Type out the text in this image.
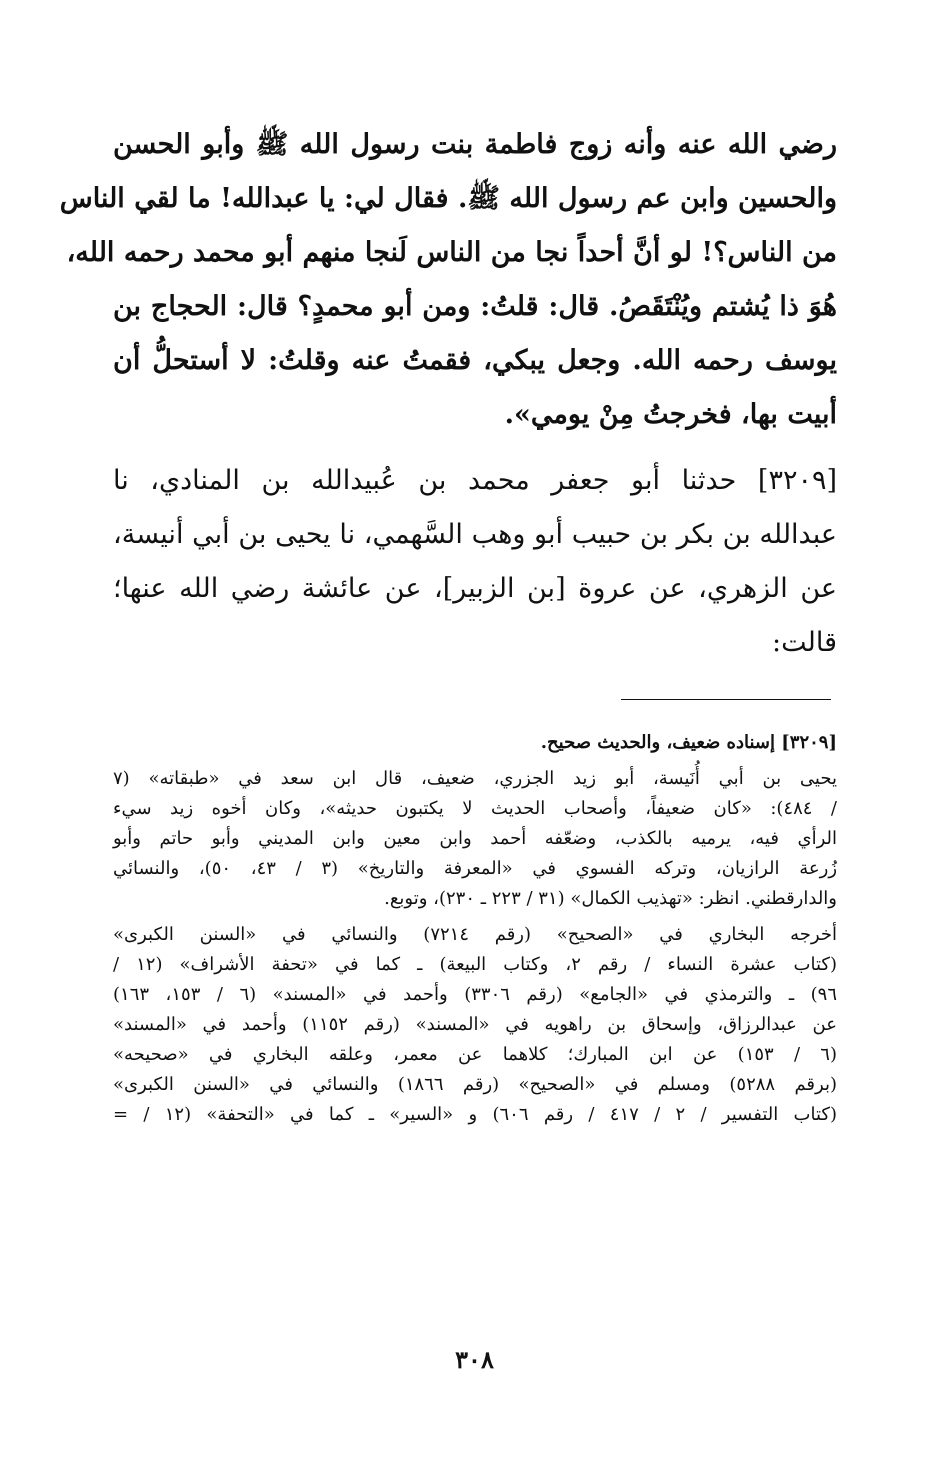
رضي الله عنه وأنه زوج فاطمة بنت رسول الله ﷺ وأبو الحسن
والحسين وابن عم رسول الله ﷺ. فقال لي: يا عبدالله! ما لقي الناس
من الناس؟! لو أنَّ أحداً نجا من الناس لَنجا منهم أبو محمد رحمه الله،
هُوَ ذا يُشتم ويُنْتَقَصُ. قال: قلتُ: ومن أبو محمدٍ؟ قال: الحجاج بن
يوسف رحمه الله. وجعل يبكي، فقمتُ عنه وقلتُ: لا أستحلُّ أن
أبيت بها، فخرجتُ مِنْ يومي».
[٣٢٠٩] حدثنا أبو جعفر محمد بن عُبيدالله بن المنادي، نا
عبدالله بن بكر بن حبيب أبو وهب السَّهمي، نا يحيى بن أبي أنيسة،
عن الزهري، عن عروة [بن الزبير]، عن عائشة رضي الله عنها؛
قالت:
[٣٢٠٩] إسناده ضعيف، والحديث صحيح.
يحيى بن أبي أُنَيسة، أبو زيد الجزري، ضعيف، قال ابن سعد في «طبقاته» (٧
/ ٤٨٤): «كان ضعيفاً، وأصحاب الحديث لا يكتبون حديثه»، وكان أخوه زيد سيء
الرأي فيه، يرميه بالكذب، وضعّفه أحمد وابن معين وابن المديني وأبو حاتم وأبو
زُرعة الرازيان، وتركه الفسوي في «المعرفة والتاريخ» (٣ / ٤٣، ٥٠)، والنسائي
والدارقطني. انظر: «تهذيب الكمال» (٣١ / ٢٢٣ ـ ٢٣٠)، وتوبع.
أخرجه البخاري في «الصحيح» (رقم ٧٢١٤) والنسائي في «السنن الكبرى»
(كتاب عشرة النساء / رقم ٢، وكتاب البيعة) ـ كما في «تحفة الأشراف» (١٢ /
٩٦) ـ والترمذي في «الجامع» (رقم ٣٣٠٦) وأحمد في «المسند» (٦ / ١٥٣، ١٦٣)
عن عبدالرزاق، وإسحاق بن راهويه في «المسند» (رقم ١١٥٢) وأحمد في «المسند»
(٦ / ١٥٣) عن ابن المبارك؛ كلاهما عن معمر، وعلقه البخاري في «صحيحه»
(برقم ٥٢٨٨) ومسلم في «الصحيح» (رقم ١٨٦٦) والنسائي في «السنن الكبرى»
(كتاب التفسير / ٢ / ٤١٧ / رقم ٦٠٦) و «السير» ـ كما في «التحفة» (١٢ / =
٣٠٨
